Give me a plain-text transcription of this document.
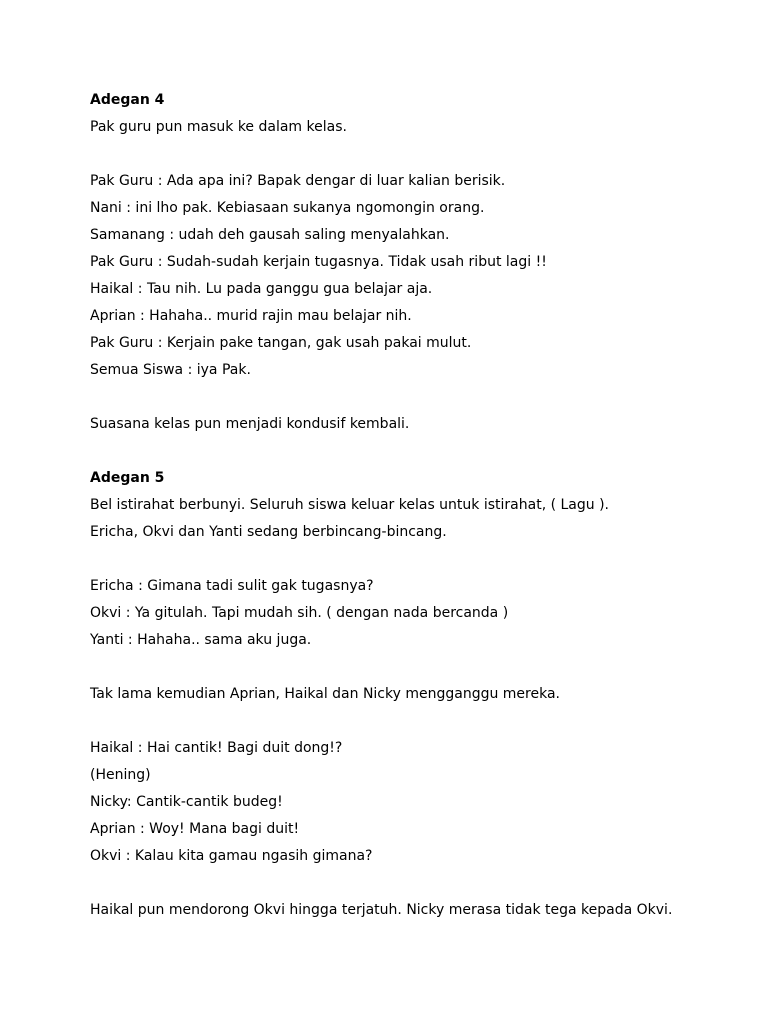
Adegan 4
Pak guru pun masuk ke dalam kelas.
Pak Guru : Ada apa ini? Bapak dengar di luar kalian berisik.
Nani : ini lho pak. Kebiasaan sukanya ngomongin orang.
Samanang : udah deh gausah saling menyalahkan.
Pak Guru : Sudah-sudah kerjain tugasnya. Tidak usah ribut lagi !!
Haikal : Tau nih. Lu pada ganggu gua belajar aja.
Aprian : Hahaha.. murid rajin mau belajar nih.
Pak Guru : Kerjain pake tangan, gak usah pakai mulut.
Semua Siswa : iya Pak.
Suasana kelas pun menjadi kondusif kembali.
Adegan 5
Bel istirahat berbunyi. Seluruh siswa keluar kelas untuk istirahat, ( Lagu ).
Ericha, Okvi dan Yanti sedang berbincang-bincang.
Ericha : Gimana tadi sulit gak tugasnya?
Okvi : Ya gitulah. Tapi mudah sih. ( dengan nada bercanda )
Yanti : Hahaha.. sama aku juga.
Tak lama kemudian Aprian, Haikal dan Nicky mengganggu mereka.
Haikal : Hai cantik! Bagi duit dong!?
(Hening)
Nicky: Cantik-cantik budeg!
Aprian : Woy! Mana bagi duit!
Okvi : Kalau kita gamau ngasih gimana?
Haikal pun mendorong Okvi hingga terjatuh. Nicky merasa tidak tega kepada Okvi.
